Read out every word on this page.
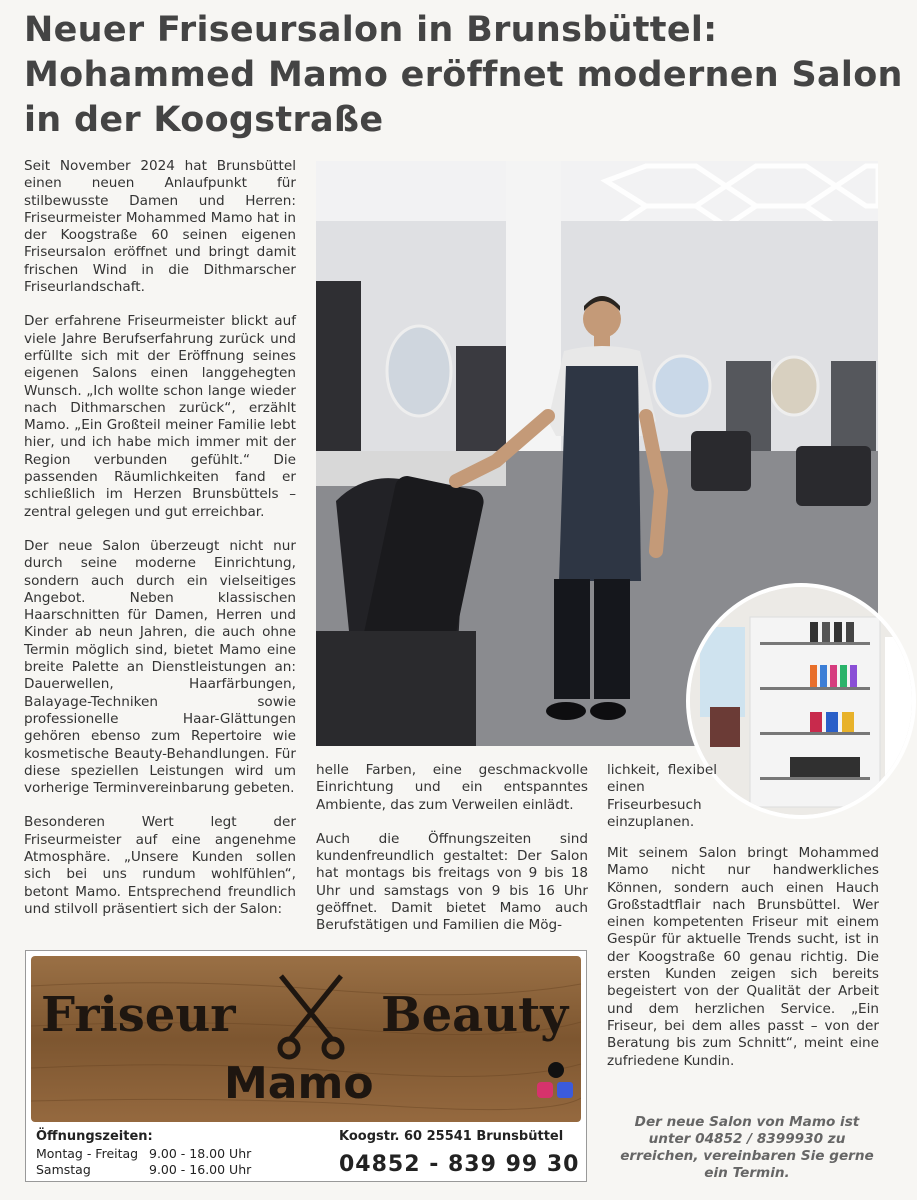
Neuer Friseursalon in Brunsbüttel: Mohammed Mamo eröffnet modernen Salon in der Koogstraße

Seit November 2024 hat Brunsbüttel einen neuen Anlaufpunkt für stilbewusste Damen und Herren: Friseurmeister Mohammed Mamo hat in der Koogstraße 60 seinen eigenen Friseursalon eröffnet und bringt damit frischen Wind in die Dithmarscher Friseurlandschaft.

Der erfahrene Friseurmeister blickt auf viele Jahre Berufserfahrung zurück und erfüllte sich mit der Eröffnung seines eigenen Salons einen langgehegten Wunsch. „Ich wollte schon lange wieder nach Dithmarschen zurück“, erzählt Mamo. „Ein Großteil meiner Familie lebt hier, und ich habe mich immer mit der Region verbunden gefühlt.“ Die passenden Räumlichkeiten fand er schließlich im Herzen Brunsbüttels – zentral gelegen und gut erreichbar.

Der neue Salon überzeugt nicht nur durch seine moderne Einrichtung, sondern auch durch ein vielseitiges Angebot. Neben klassischen Haarschnitten für Damen, Herren und Kinder ab neun Jahren, die auch ohne Termin möglich sind, bietet Mamo eine breite Palette an Dienstleistungen an: Dauerwellen, Haarfärbungen, Balayage-Techniken sowie professionelle Haar-Glättungen gehören ebenso zum Repertoire wie kosmetische Beauty-Behandlungen. Für diese speziellen Leistungen wird um vorherige Terminvereinbarung gebeten.

Besonderen Wert legt der Friseurmeister auf eine angenehme Atmosphäre. „Unsere Kunden sollen sich bei uns rundum wohlfühlen“, betont Mamo. Entsprechend freundlich und stilvoll präsentiert sich der Salon:

helle Farben, eine geschmackvolle Einrichtung und ein entspanntes Ambiente, das zum Verweilen einlädt.

Auch die Öffnungszeiten sind kundenfreundlich gestaltet: Der Salon hat montags bis freitags von 9 bis 18 Uhr und samstags von 9 bis 16 Uhr geöffnet. Damit bietet Mamo auch Berufstätigen und Familien die Mög-

lichkeit, flexibel einen Friseurbesuch einzuplanen.

Mit seinem Salon bringt Mohammed Mamo nicht nur handwerkliches Können, sondern auch einen Hauch Großstadtflair nach Brunsbüttel. Wer einen kompetenten Friseur mit einem Gespür für aktuelle Trends sucht, ist in der Koogstraße 60 genau richtig. Die ersten Kunden zeigen sich bereits begeistert von der Qualität der Arbeit und dem herzlichen Service. „Ein Friseur, bei dem alles passt – von der Beratung bis zum Schnitt“, meint eine zufriedene Kundin.

Friseur	Beauty
Mamo
Öffnungszeiten:
Montag - Freitag 9.00 - 18.00 Uhr
Samstag	9.00 - 16.00 Uhr
Koogstr. 60 25541 Brunsbüttel
04852 - 839 99 30
Der neue Salon von Mamo ist unter 04852 / 8399930 zu erreichen, vereinbaren Sie gerne ein Termin.
